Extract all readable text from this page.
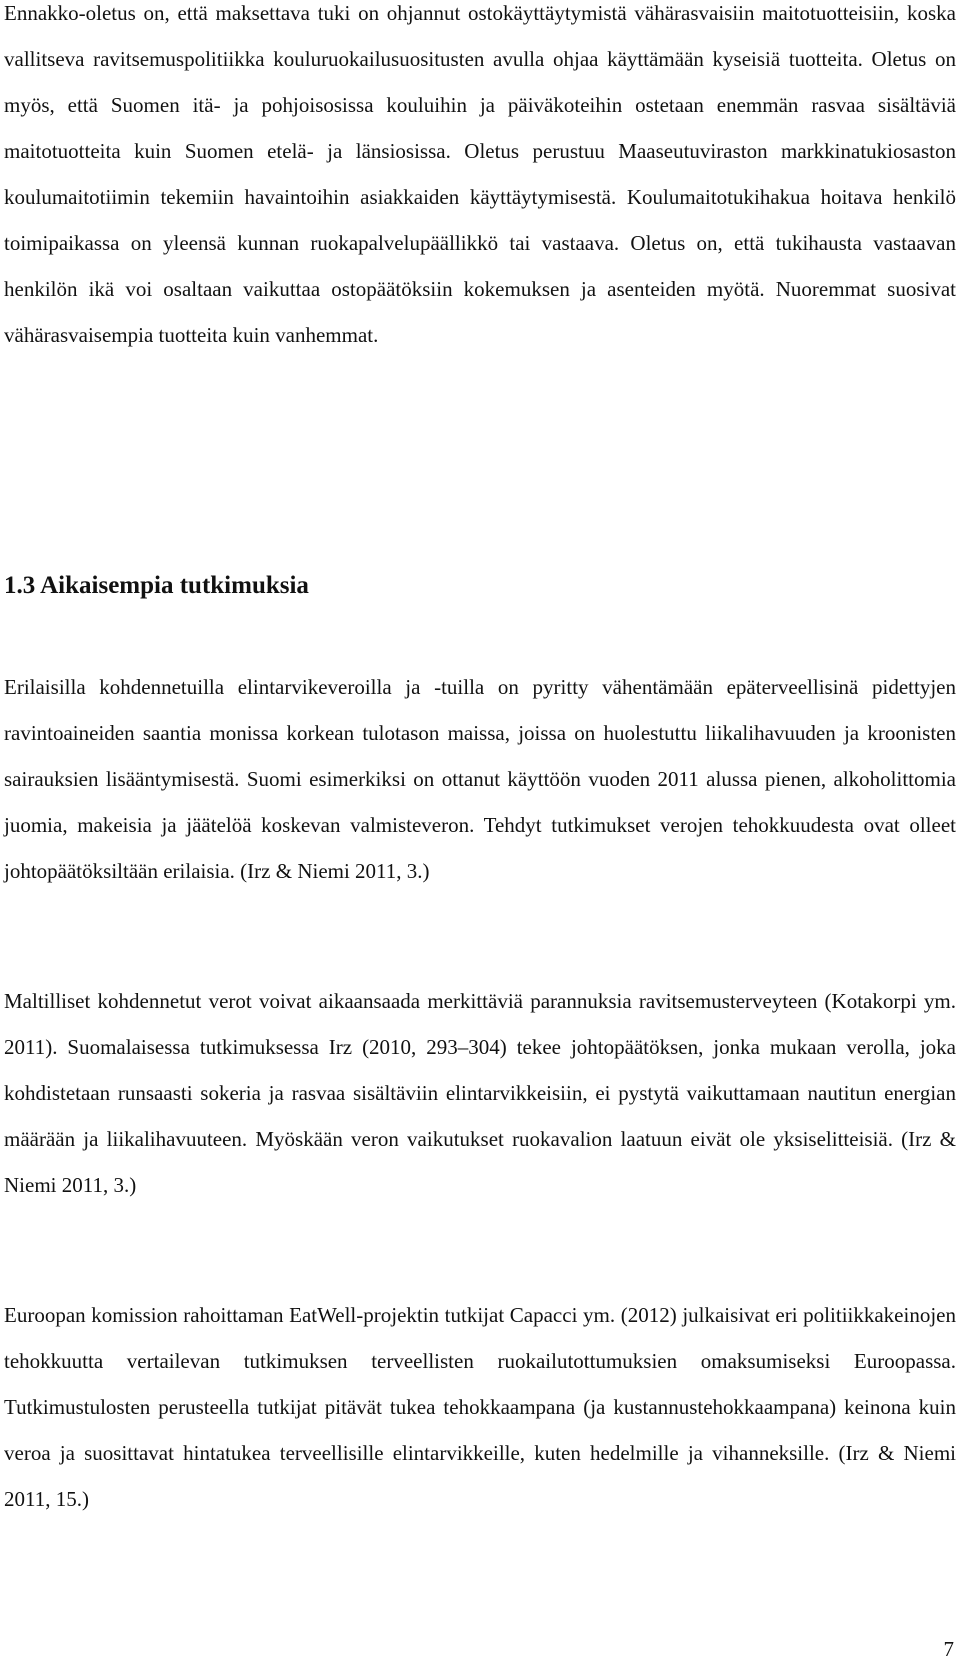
Ennakko-oletus on, että maksettava tuki on ohjannut ostokäyttäytymistä vähärasvaisiin maitotuotteisiin, koska vallitseva ravitsemuspolitiikka kouluruokailusuositusten avulla ohjaa käyttämään kyseisiä tuotteita. Oletus on myös, että Suomen itä- ja pohjoisosissa kouluihin ja päiväkoteihin ostetaan enemmän rasvaa sisältäviä maitotuotteita kuin Suomen etelä- ja länsiosissa. Oletus perustuu Maaseutuviraston markkinatukiosaston koulumaitotiimin tekemiin havaintoihin asiakkaiden käyttäytymisestä. Koulumaitotukihakua hoitava henkilö toimipaikassa on yleensä kunnan ruokapalvelupäällikkö tai vastaava. Oletus on, että tukihausta vastaavan henkilön ikä voi osaltaan vaikuttaa ostopäätöksiin kokemuksen ja asenteiden myötä. Nuoremmat suosivat vähärasvaisempia tuotteita kuin vanhemmat.

1.3 Aikaisempia tutkimuksia

Erilaisilla kohdennetuilla elintarvikeveroilla ja -tuilla on pyritty vähentämään epäterveellisinä pidettyjen ravintoaineiden saantia monissa korkean tulotason maissa, joissa on huolestuttu liikalihavuuden ja kroonisten sairauksien lisääntymisestä. Suomi esimerkiksi on ottanut käyttöön vuoden 2011 alussa pienen, alkoholittomia juomia, makeisia ja jäätelöä koskevan valmisteveron. Tehdyt tutkimukset verojen tehokkuudesta ovat olleet johtopäätöksiltään erilaisia. (Irz & Niemi 2011, 3.)

Maltilliset kohdennetut verot voivat aikaansaada merkittäviä parannuksia ravitsemusterveyteen (Kotakorpi ym. 2011). Suomalaisessa tutkimuksessa Irz (2010, 293–304) tekee johtopäätöksen, jonka mukaan verolla, joka kohdistetaan runsaasti sokeria ja rasvaa sisältäviin elintarvikkeisiin, ei pystytä vaikuttamaan nautitun energian määrään ja liikalihavuuteen. Myöskään veron vaikutukset ruokavalion laatuun eivät ole yksiselitteisiä. (Irz & Niemi 2011, 3.)

Euroopan komission rahoittaman EatWell-projektin tutkijat Capacci ym. (2012) julkaisivat eri politiikkakeinojen tehokkuutta vertailevan tutkimuksen terveellisten ruokailutottumuksien omaksumiseksi Euroopassa. Tutkimustulosten perusteella tutkijat pitävät tukea tehokkaampana (ja kustannustehokkaampana) keinona kuin veroa ja suosittavat hintatukea terveellisille elintarvikkeille, kuten hedelmille ja vihanneksille. (Irz & Niemi 2011, 15.)

7
